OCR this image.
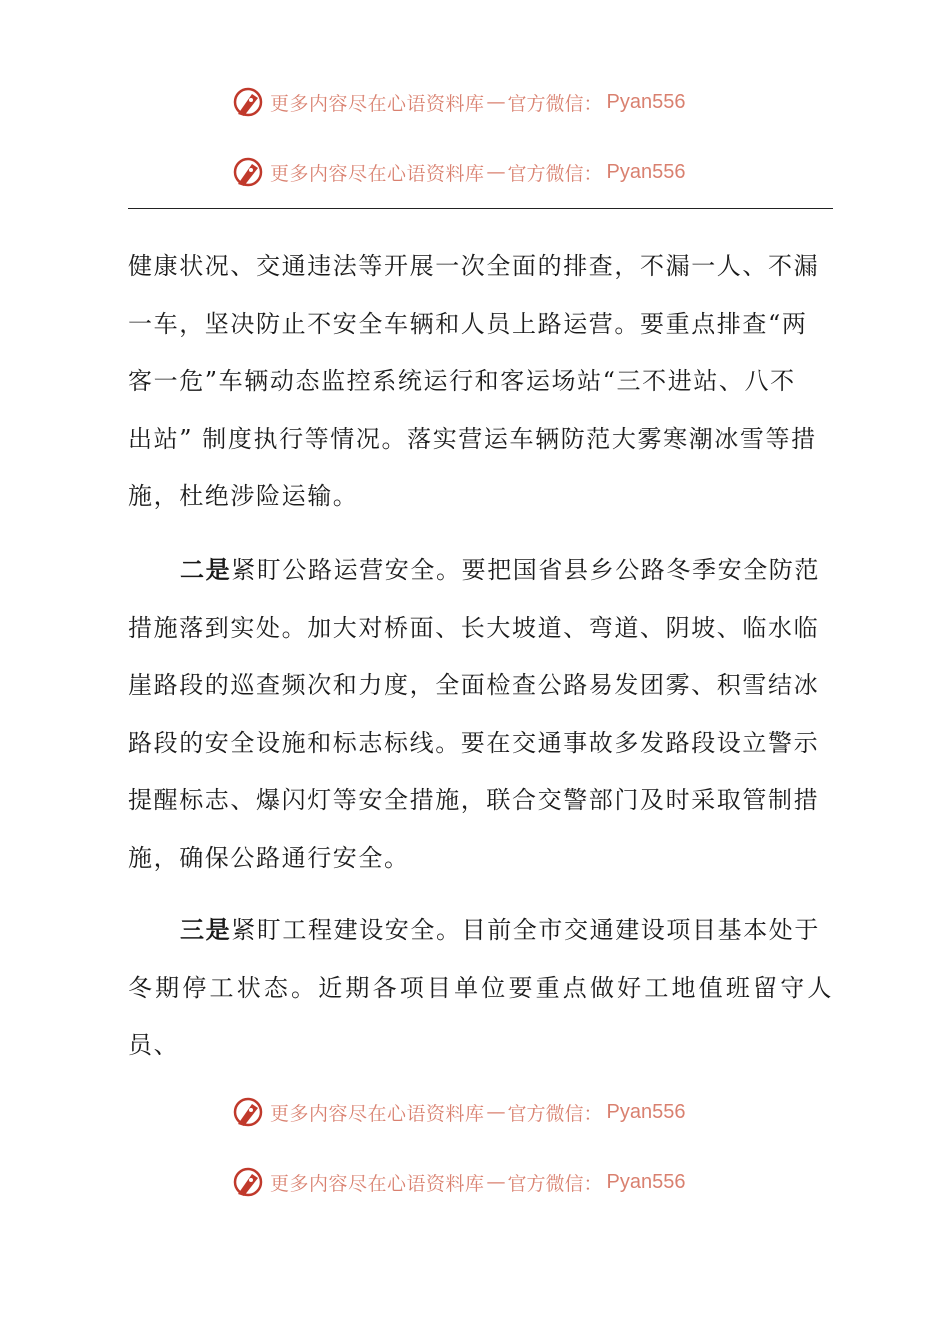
更多内容尽在心语资料库 — 官方微信： Pyan556
更多内容尽在心语资料库 — 官方微信： Pyan556
健康状况、交通违法等开展一次全面的排查，不漏一人、不漏
一车，坚决防止不安全车辆和人员上路运营。要重点排查“两
客一危”车辆动态监控系统运行和客运场站“三不进站、八不
出站” 制度执行等情况。落实营运车辆防范大雾寒潮冰雪等措
施，杜绝涉险运输。
二是紧盯公路运营安全。要把国省县乡公路冬季安全防范
措施落到实处。加大对桥面、长大坡道、弯道、阴坡、临水临
崖路段的巡查频次和力度，全面检查公路易发团雾、积雪结冰
路段的安全设施和标志标线。要在交通事故多发路段设立警示
提醒标志、爆闪灯等安全措施，联合交警部门及时采取管制措
施，确保公路通行安全。
三是紧盯工程建设安全。目前全市交通建设项目基本处于
冬期停工状态。近期各项目单位要重点做好工地值班留守人员、
更多内容尽在心语资料库 — 官方微信： Pyan556
更多内容尽在心语资料库 — 官方微信： Pyan556
